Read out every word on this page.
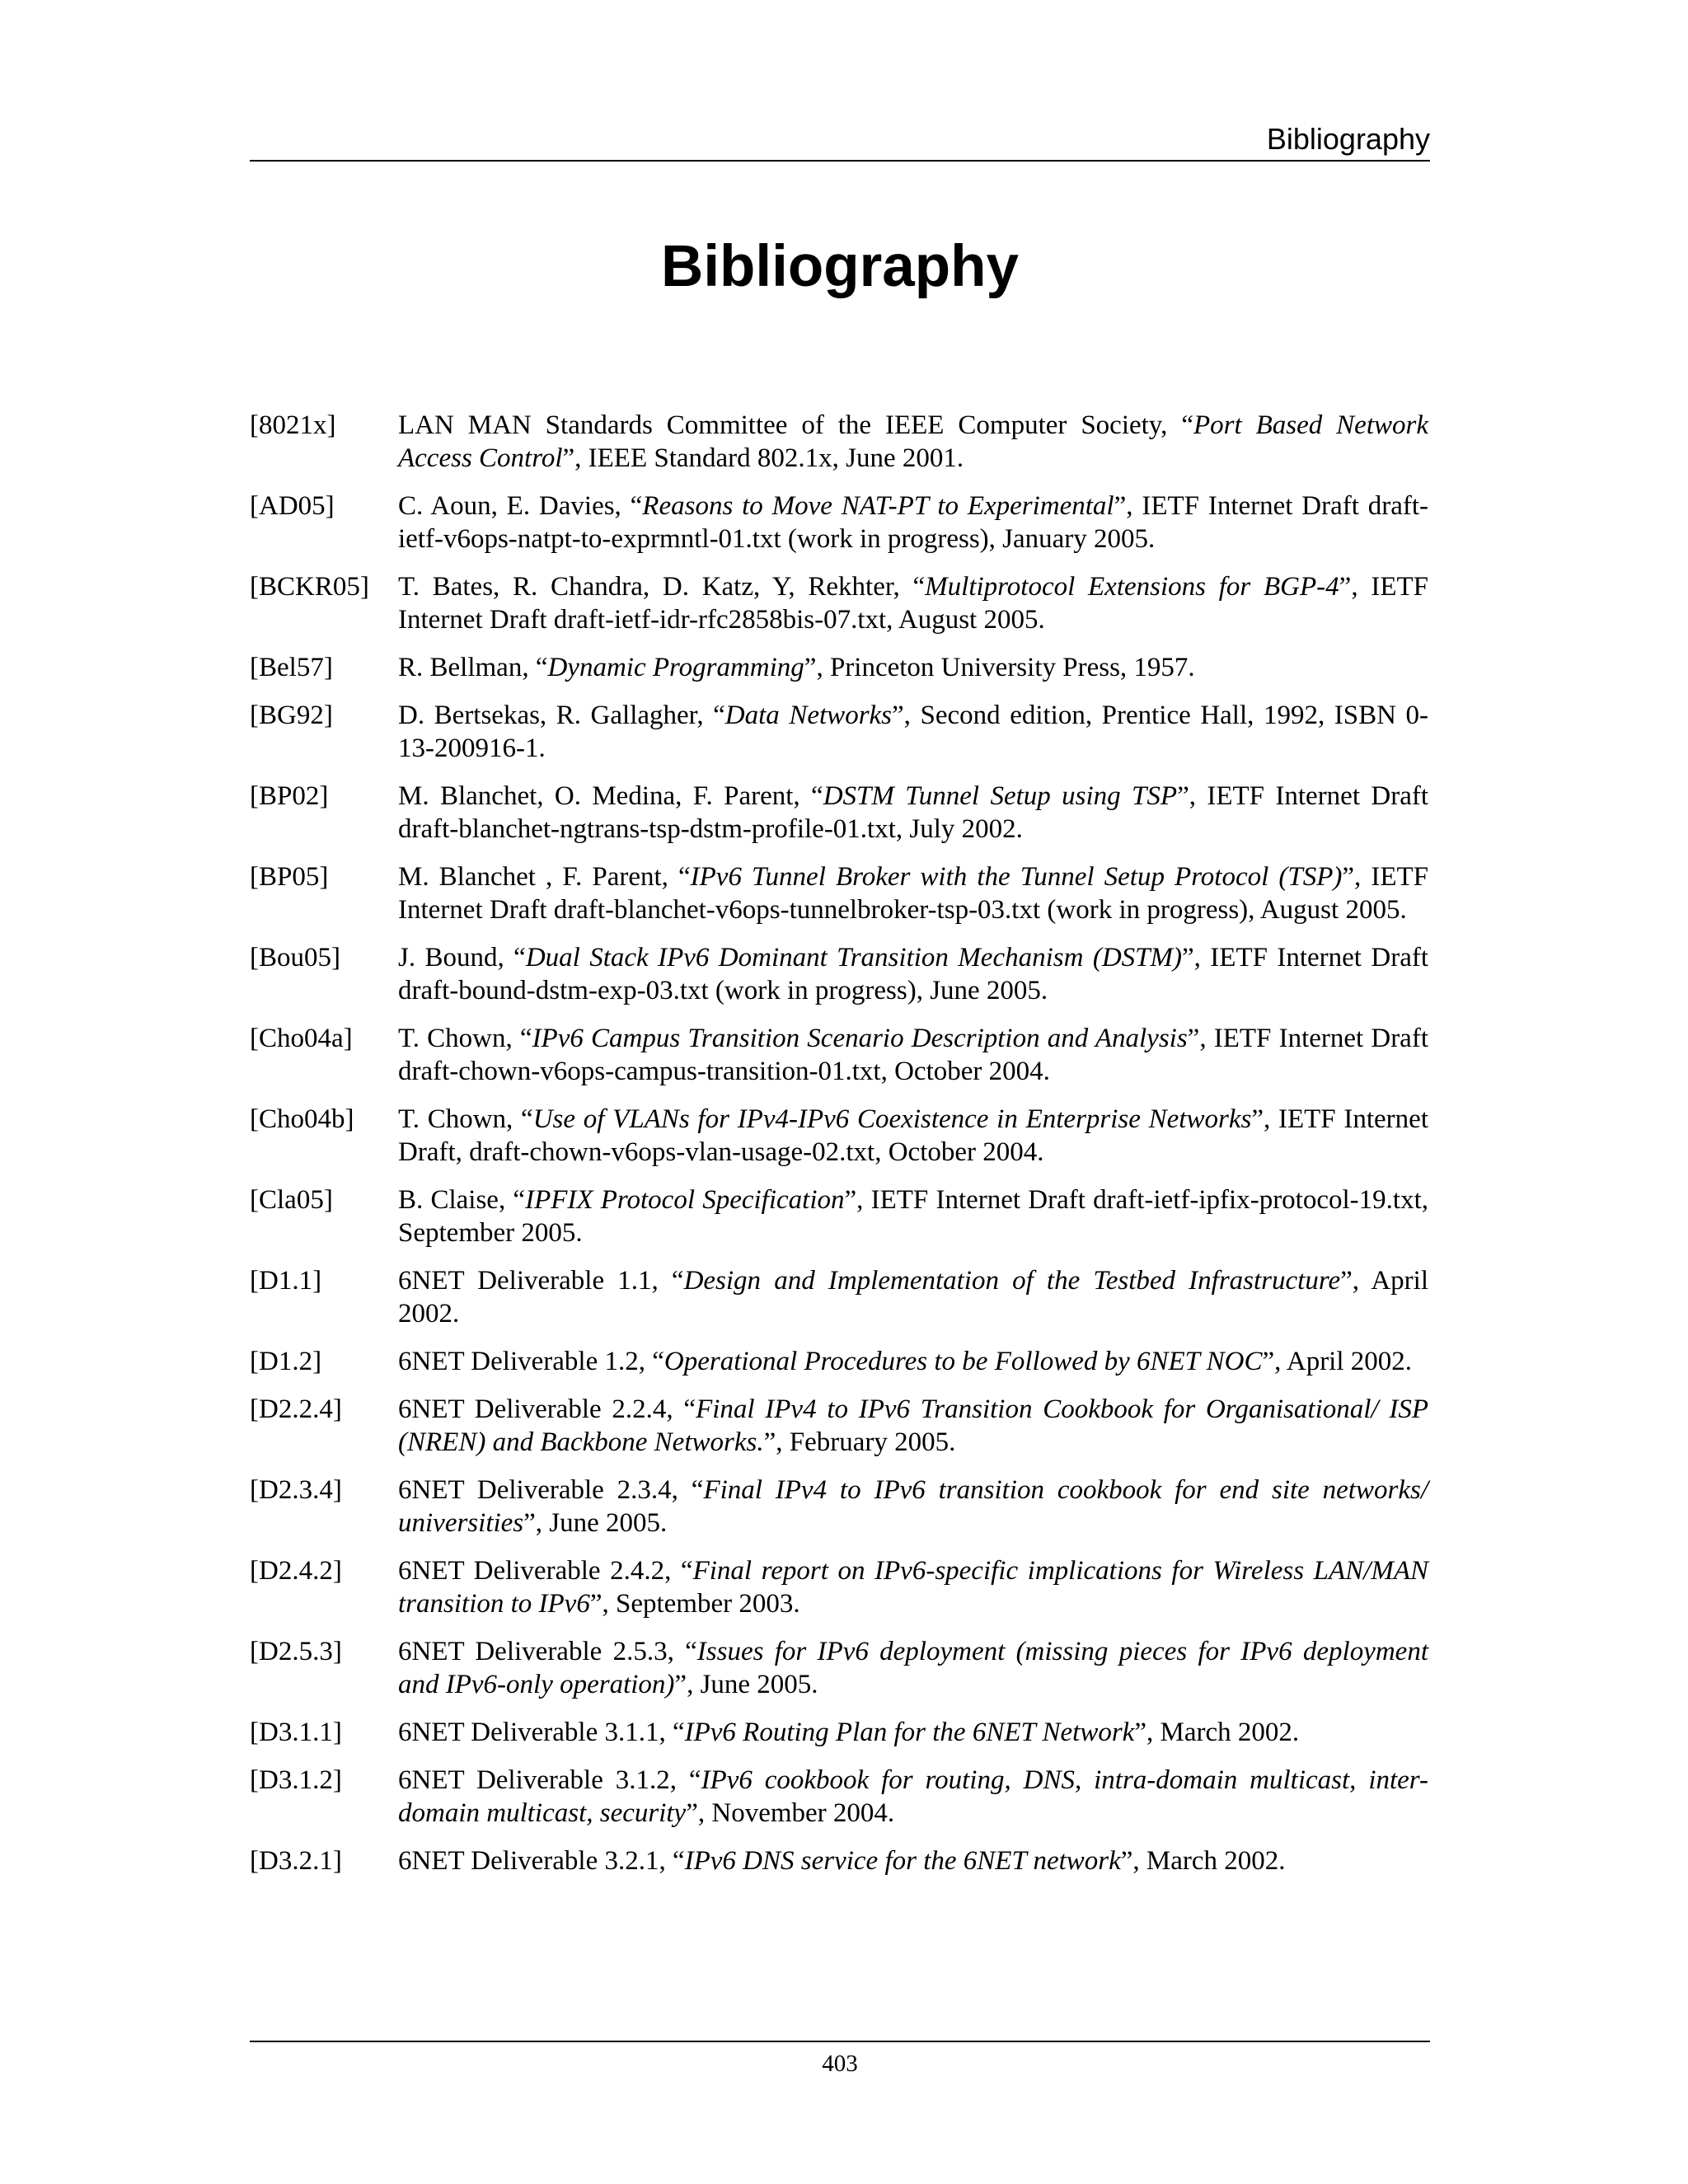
Bibliography
Bibliography
[8021x]	LAN MAN Standards Committee of the IEEE Computer Society, “Port Based Network Access Control”, IEEE Standard 802.1x, June 2001.
[AD05]	C. Aoun, E. Davies, “Reasons to Move NAT-PT to Experimental”, IETF Internet Draft draft-ietf-v6ops-natpt-to-exprmntl-01.txt (work in progress), January 2005.
[BCKR05]	T. Bates, R. Chandra, D. Katz, Y, Rekhter, “Multiprotocol Extensions for BGP-4”, IETF Internet Draft draft-ietf-idr-rfc2858bis-07.txt, August 2005.
[Bel57]	R. Bellman, “Dynamic Programming”, Princeton University Press, 1957.
[BG92]	D. Bertsekas, R. Gallagher, “Data Networks”, Second edition, Prentice Hall, 1992, ISBN 0-13-200916-1.
[BP02]	M. Blanchet, O. Medina, F. Parent, “DSTM Tunnel Setup using TSP”, IETF Internet Draft draft-blanchet-ngtrans-tsp-dstm-profile-01.txt, July 2002.
[BP05]	M. Blanchet , F. Parent, “IPv6 Tunnel Broker with the Tunnel Setup Protocol (TSP)”, IETF Internet Draft draft-blanchet-v6ops-tunnelbroker-tsp-03.txt (work in progress), August 2005.
[Bou05]	J. Bound, “Dual Stack IPv6 Dominant Transition Mechanism (DSTM)”, IETF Internet Draft draft-bound-dstm-exp-03.txt (work in progress), June 2005.
[Cho04a]	T. Chown, “IPv6 Campus Transition Scenario Description and Analysis”, IETF Internet Draft draft-chown-v6ops-campus-transition-01.txt, October 2004.
[Cho04b]	T. Chown, “Use of VLANs for IPv4-IPv6 Coexistence in Enterprise Networks”, IETF Internet Draft, draft-chown-v6ops-vlan-usage-02.txt, October 2004.
[Cla05]	B. Claise, “IPFIX Protocol Specification”, IETF Internet Draft draft-ietf-ipfix-protocol-19.txt, September 2005.
[D1.1]	6NET Deliverable 1.1, “Design and Implementation of the Testbed Infrastructure”, April 2002.
[D1.2]	6NET Deliverable 1.2, “Operational Procedures to be Followed by 6NET NOC”, April 2002.
[D2.2.4]	6NET Deliverable 2.2.4, “Final IPv4 to IPv6 Transition Cookbook for Organisational/ ISP (NREN) and Backbone Networks.”, February 2005.
[D2.3.4]	6NET Deliverable 2.3.4, “Final IPv4 to IPv6 transition cookbook for end site networks/ universities”, June 2005.
[D2.4.2]	6NET Deliverable 2.4.2, “Final report on IPv6-specific implications for Wireless LAN/MAN transition to IPv6”, September 2003.
[D2.5.3]	6NET Deliverable 2.5.3, “Issues for IPv6 deployment (missing pieces for IPv6 deployment and IPv6-only operation)”, June 2005.
[D3.1.1]	6NET Deliverable 3.1.1, “IPv6 Routing Plan for the 6NET Network”, March 2002.
[D3.1.2]	6NET Deliverable 3.1.2, “IPv6 cookbook for routing, DNS, intra-domain multicast, inter-domain multicast, security”, November 2004.
[D3.2.1]	6NET Deliverable 3.2.1, “IPv6 DNS service for the 6NET network”, March 2002.
403
